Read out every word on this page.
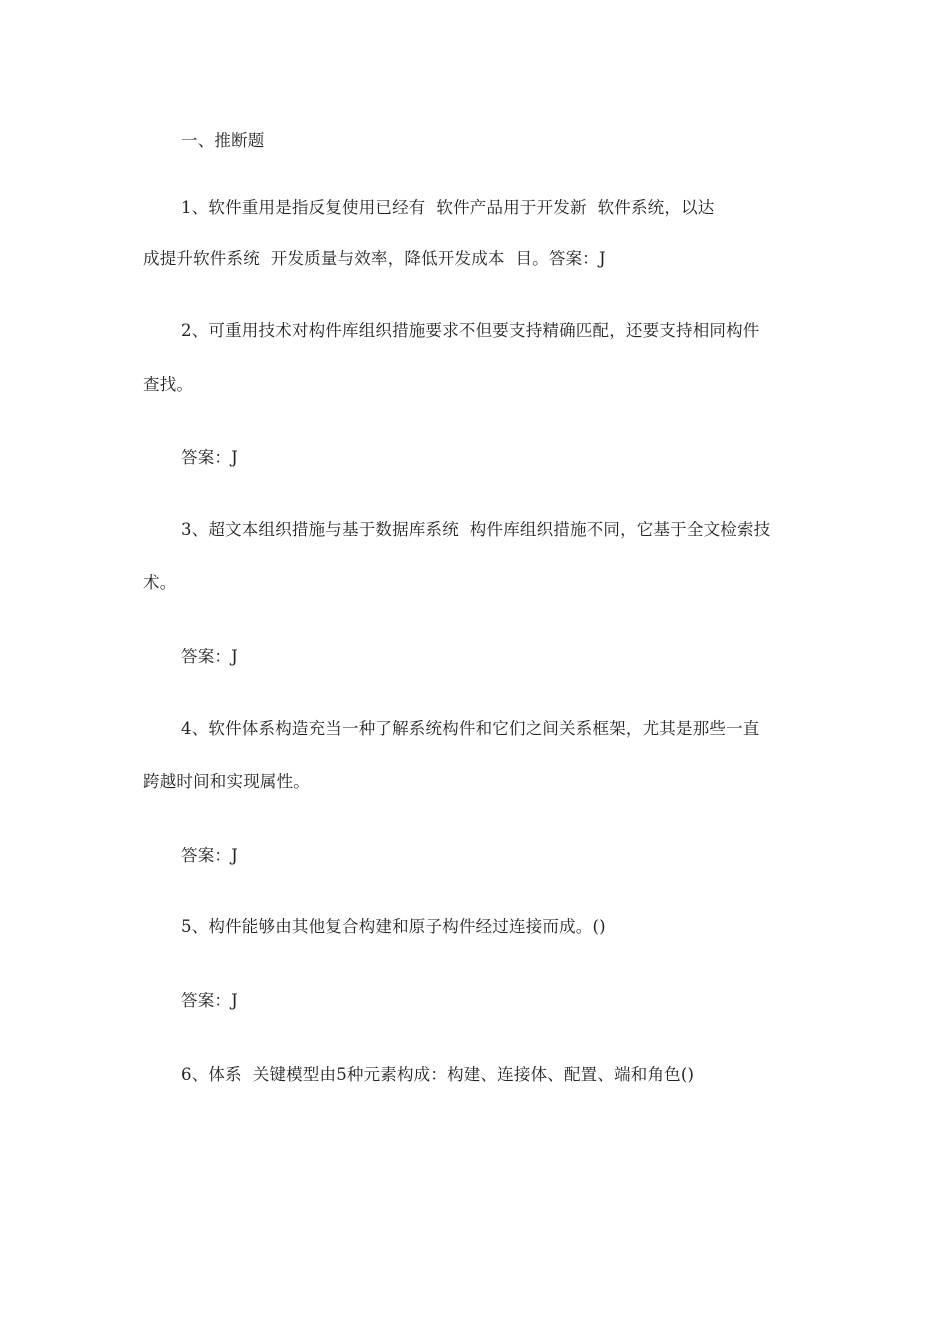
一、推断题
1、软件重用是指反复使用已经有  软件产品用于开发新  软件系统，以达
成提升软件系统  开发质量与效率，降低开发成本  目。答案：J
2、可重用技术对构件库组织措施要求不但要支持精确匹配，还要支持相同构件
查找。
答案：J
3、超文本组织措施与基于数据库系统  构件库组织措施不同，它基于全文检索技
术。
答案：J
4、软件体系构造充当一种了解系统构件和它们之间关系框架，尤其是那些一直
跨越时间和实现属性。
答案：J
5、构件能够由其他复合构建和原子构件经过连接而成。()
答案：J
6、体系  关键模型由5种元素构成：构建、连接体、配置、端和角色()
